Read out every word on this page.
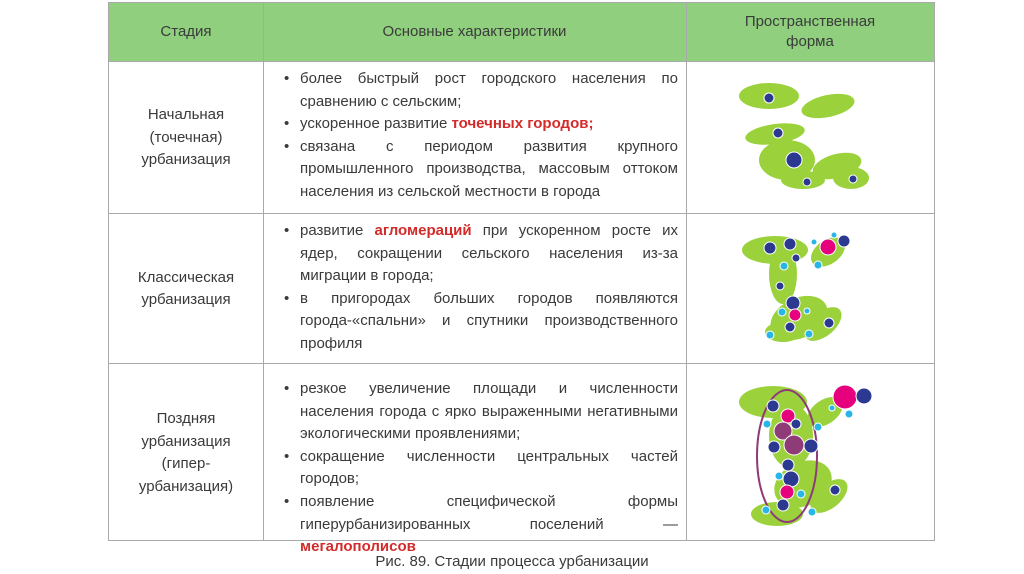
Стадия	Основные характеристики
Пространственная форма
Начальная (точечная) урбанизация
• более быстрый рост городского населения по сравнению с сельским;
• ускоренное развитие точечных городов;
• связана с периодом развития крупного промышленного производства, массовым оттоком населения из сельской местности в города
Классическая урбанизация
• развитие агломераций при ускоренном росте их ядер, сокращении сельского населения из-за миграции в города;
• в пригородах больших городов появляются города-«спальни» и спутники производственного профиля
Поздняя урбанизация (гипер-урбанизация)
• резкое увеличение площади и численности населения города с ярко выраженными негативными экологическими проявлениями;
• сокращение численности центральных частей городов;
• появление специфической формы гиперурбанизированных поселений — мегалополисов
Рис. 89. Стадии процесса урбанизации
